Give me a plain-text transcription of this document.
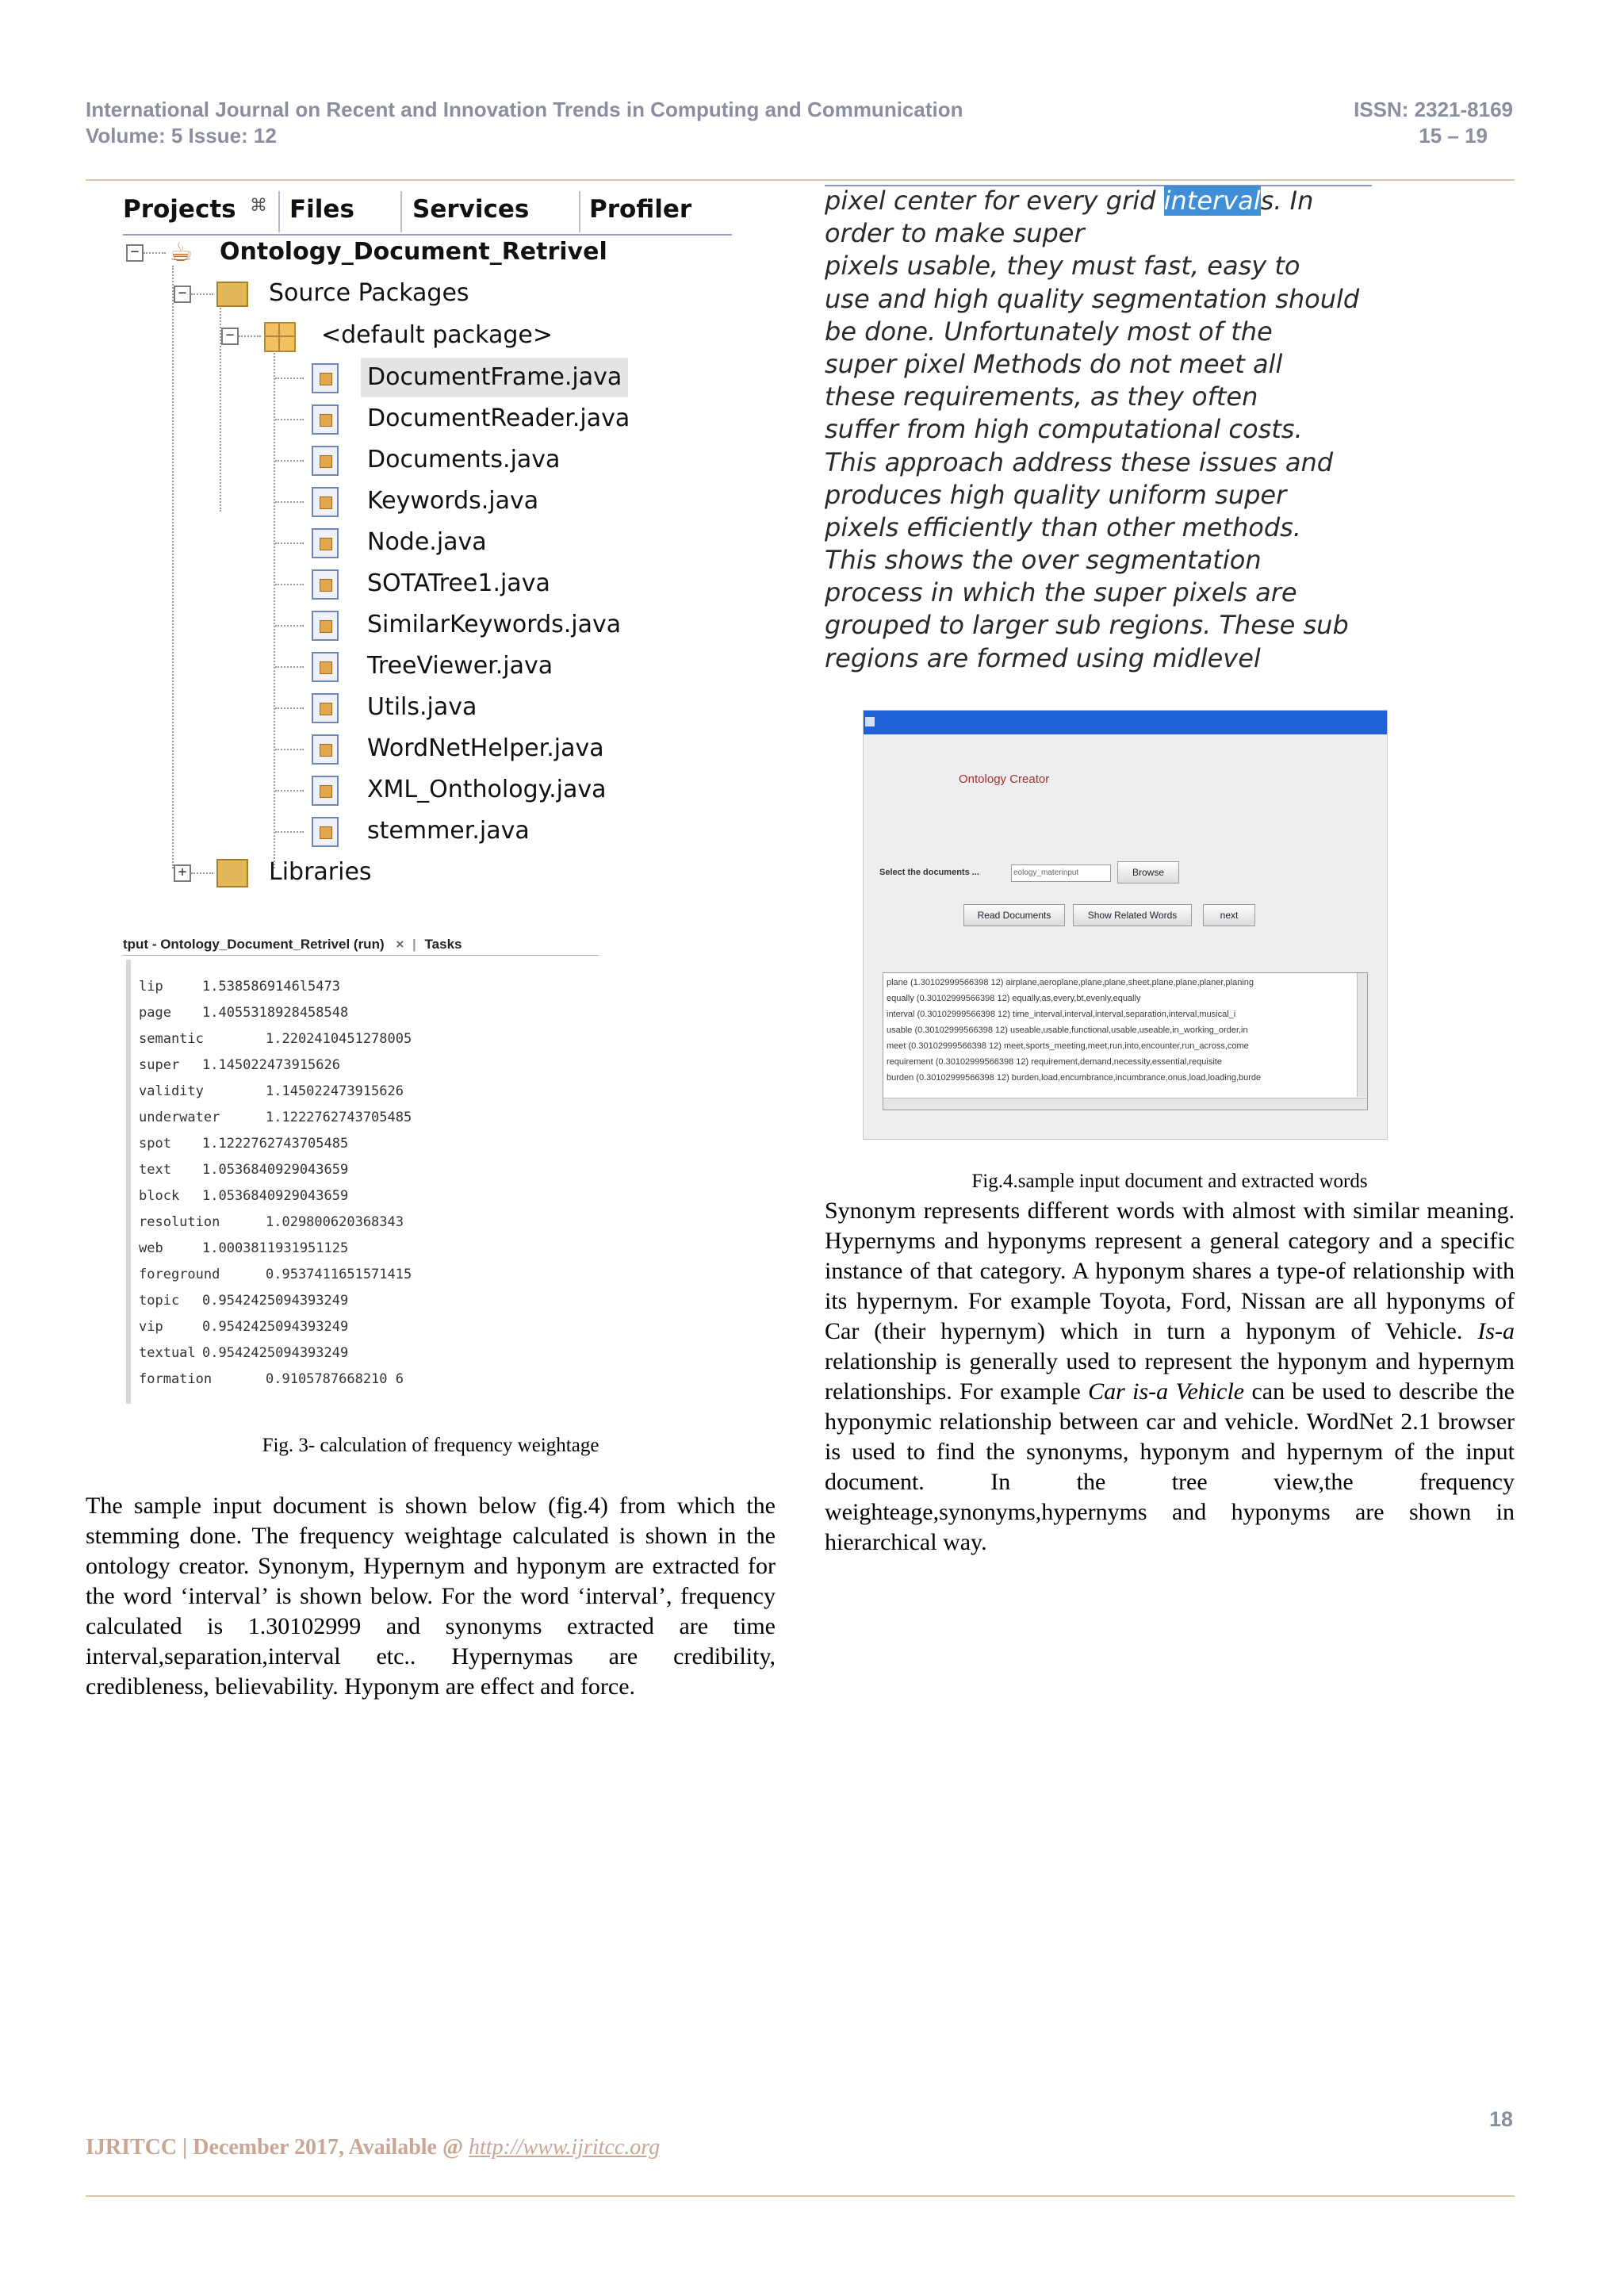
International Journal on Recent and Innovation Trends in Computing and Communication
Volume: 5 Issue: 12
ISSN: 2321-8169
15 – 19
Projects ⌘ Files Services Profiler
− ☕ Ontology_Document_Retrivel
−	Source Packages
−	<default package>
DocumentFrame.java
DocumentReader.java
Documents.java
Keywords.java
Node.java
SOTATree1.java
SimilarKeywords.java
TreeViewer.java
Utils.java
WordNetHelper.java
XML_Onthology.java
stemmer.java
+	Libraries
tput - Ontology_Document_Retrivel (run) × | Tasks
lip	1.5385869146l5473
page 1.4055318928458548
semantic	1.2202410451278005
super 1.145022473915626
validity	1.145022473915626
underwater	1.1222762743705485
spot 1.1222762743705485
text 1.0536840929043659
block 1.0536840929043659
resolution	1.029800620368343
web	1.0003811931951125
foreground	0.9537411651571415
topic 0.9542425094393249
vip	0.9542425094393249
textual 0.9542425094393249
formation	0.9105787668210 6
Fig. 3- calculation of frequency weightage
The sample input document is shown below (fig.4) from which the stemming done. The frequency weightage calculated is shown in the ontology creator. Synonym, Hypernym and hyponym are extracted for the word ‘interval’ is shown below. For the word ‘interval’, frequency calculated is 1.30102999 and synonyms extracted are time interval,separation,interval etc.. Hypernymas are credibility, credibleness, believability. Hyponym are effect and force.
pixel center for every grid intervals. In
order to make super
pixels usable, they must fast, easy to
use and high quality segmentation should
be done. Unfortunately most of the
super pixel Methods do not meet all
these requirements, as they often
suffer from high computational costs.
This approach address these issues and
produces high quality uniform super
pixels efficiently than other methods.
This shows the over segmentation
process in which the super pixels are
grouped to larger sub regions. These sub
regions are formed using midlevel
Ontology Creator
Select the documents ...	eology_materinput	Browse
Read Documents	Show Related Words	next
plane (1.30102999566398 12) airplane,aeroplane,plane,plane,sheet,plane,plane,planer,planing
equally (0.30102999566398 12) equally,as,every,bt,evenly,equally
interval (0.30102999566398 12) time_interval,interval,interval,separation,interval,musical_i
usable (0.30102999566398 12) useable,usable,functional,usable,useable,in_working_order,in
meet (0.30102999566398 12) meet,sports_meeting,meet,run,into,encounter,run_across,come
requirement (0.30102999566398 12) requirement,demand,necessity,essential,requisite
burden (0.30102999566398 12) burden,load,encumbrance,incumbrance,onus,load,loading,burde
Fig.4.sample input document and extracted words
Synonym represents different words with almost with similar meaning. Hypernyms and hyponyms represent a general category and a specific instance of that category. A hyponym shares a type-of relationship with its hypernym. For example Toyota, Ford, Nissan are all hyponyms of Car (their hypernym) which in turn a hyponym of Vehicle. Is-a relationship is generally used to represent the hyponym and hypernym relationships. For example Car is-a Vehicle can be used to describe the hyponymic relationship between car and vehicle. WordNet 2.1 browser is used to find the synonyms, hyponym and hypernym of the input document. In the tree view,the frequency weighteage,synonyms,hypernyms and hyponyms are shown in hierarchical way.
18
IJRITCC | December 2017, Available @ http://www.ijritcc.org
